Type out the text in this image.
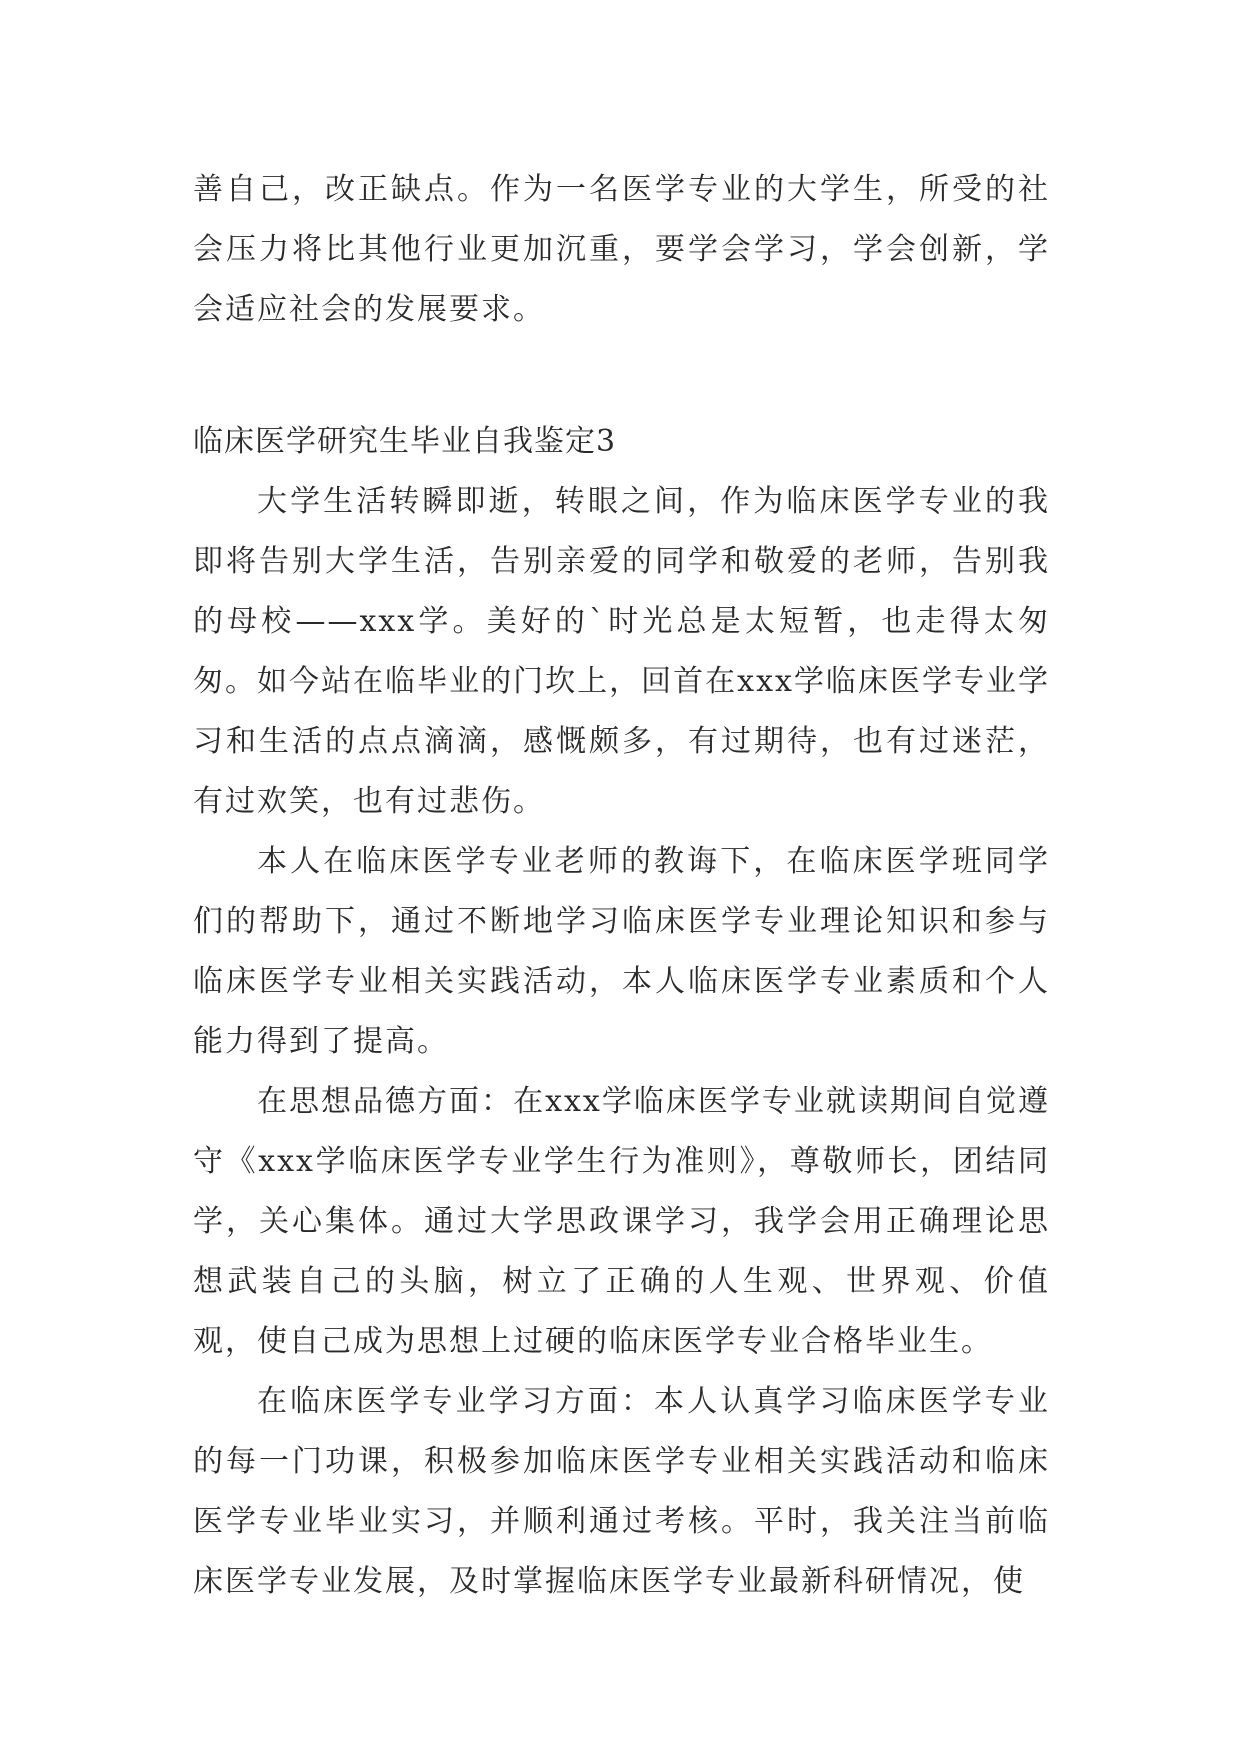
善自己，改正缺点。作为一名医学专业的大学生，所受的社会压力将比其他行业更加沉重，要学会学习，学会创新，学会适应社会的发展要求。

临床医学研究生毕业自我鉴定3

大学生活转瞬即逝，转眼之间，作为临床医学专业的我即将告别大学生活，告别亲爱的同学和敬爱的老师，告别我的母校——xxx学。美好的`时光总是太短暂，也走得太匆匆。如今站在临毕业的门坎上，回首在xxx学临床医学专业学习和生活的点点滴滴，感慨颇多，有过期待，也有过迷茫，有过欢笑，也有过悲伤。

本人在临床医学专业老师的教诲下，在临床医学班同学们的帮助下，通过不断地学习临床医学专业理论知识和参与临床医学专业相关实践活动，本人临床医学专业素质和个人能力得到了提高。

在思想品德方面：在xxx学临床医学专业就读期间自觉遵守《xxx学临床医学专业学生行为准则》，尊敬师长，团结同学，关心集体。通过大学思政课学习，我学会用正确理论思想武装自己的头脑，树立了正确的人生观、世界观、价值观，使自己成为思想上过硬的临床医学专业合格毕业生。

在临床医学专业学习方面：本人认真学习临床医学专业的每一门功课，积极参加临床医学专业相关实践活动和临床医学专业毕业实习，并顺利通过考核。平时，我关注当前临床医学专业发展，及时掌握临床医学专业最新科研情况，使
